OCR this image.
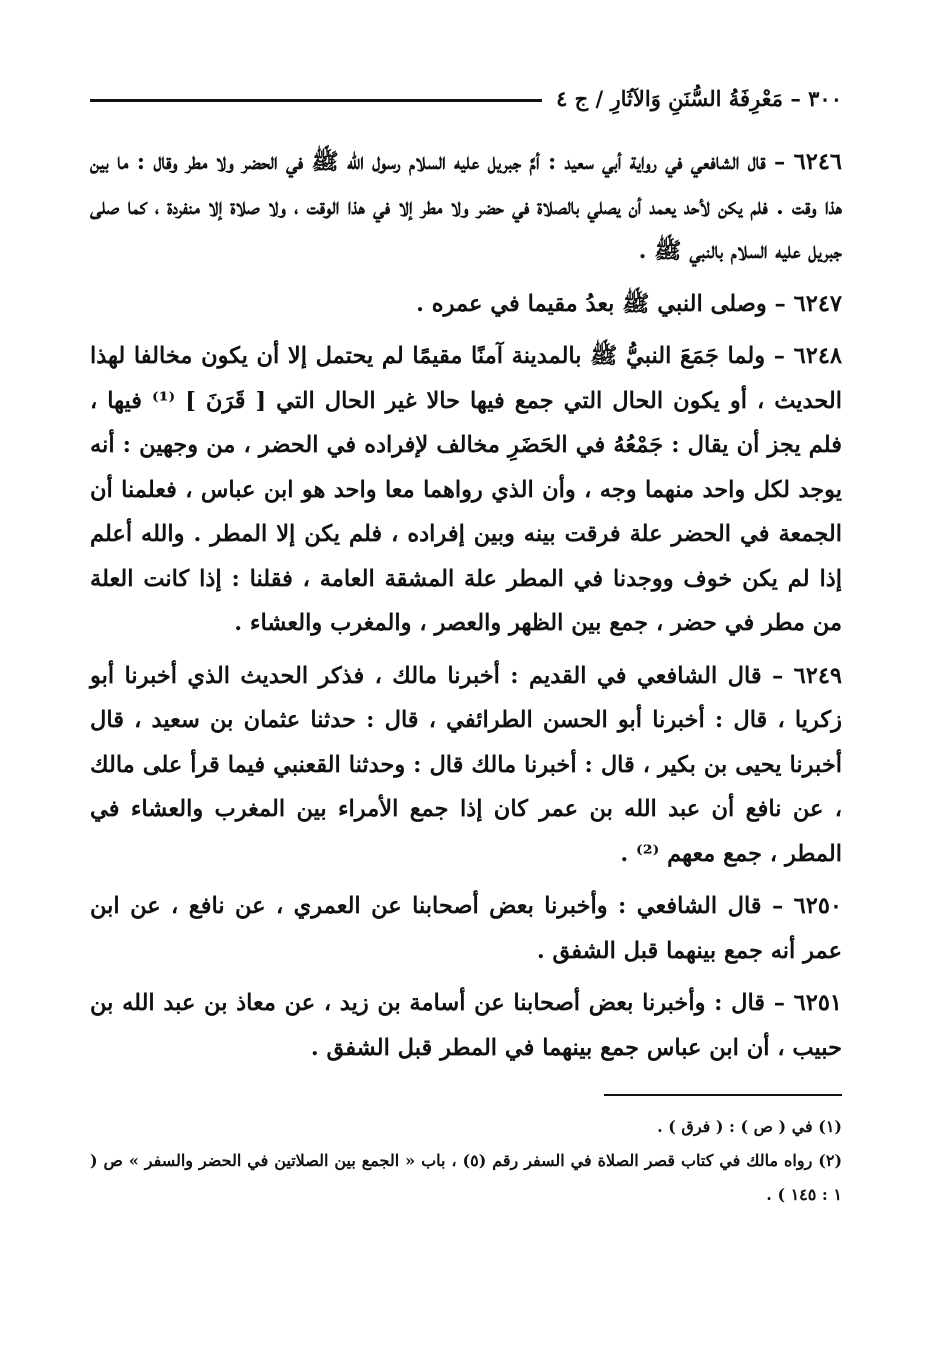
٣٠٠ – مَعْرِفَةُ السُّنَنِ وَالآثَارِ / ج ٤

٦٢٤٦ – قال الشافعي في رواية أبي سعيد : أمَّ جبريل عليه السلام رسول الله ﷺ في الحضر ولا مطر وقال : ما بين هذا وقت . فلم يكن لأحد يعمد أن يصلي بالصلاة في حضر ولا مطر إلا في هذا الوقت ، ولا صلاة إلا منفردة ، كما صلى جبريل عليه السلام بالنبي ﷺ .

٦٢٤٧ – وصلى النبي ﷺ بعدُ مقيما في عمره .

٦٢٤٨ – ولما جَمَعَ النبيُّ ﷺ بالمدينة آمنًا مقيمًا لم يحتمل إلا أن يكون مخالفا لهذا الحديث ، أو يكون الحال التي جمع فيها حالا غير الحال التي [ قَرَنَ ] ⁽¹⁾ فيها ، فلم يجز أن يقال : جَمْعُهُ في الحَضَرِ مخالف لإفراده في الحضر ، من وجهين : أنه يوجد لكل واحد منهما وجه ، وأن الذي رواهما معا واحد هو ابن عباس ، فعلمنا أن الجمعة في الحضر علة فرقت بينه وبين إفراده ، فلم يكن إلا المطر . والله أعلم إذا لم يكن خوف ووجدنا في المطر علة المشقة العامة ، فقلنا : إذا كانت العلة من مطر في حضر ، جمع بين الظهر والعصر ، والمغرب والعشاء .

٦٢٤٩ – قال الشافعي في القديم : أخبرنا مالك ، فذكر الحديث الذي أخبرنا أبو زكريا ، قال : أخبرنا أبو الحسن الطرائفي ، قال : حدثنا عثمان بن سعيد ، قال أخبرنا يحيى بن بكير ، قال : أخبرنا مالك قال : وحدثنا القعنبي فيما قرأ على مالك ، عن نافع أن عبد الله بن عمر كان إذا جمع الأمراء بين المغرب والعشاء في المطر ، جمع معهم ⁽²⁾ .

٦٢٥٠ – قال الشافعي : وأخبرنا بعض أصحابنا عن العمري ، عن نافع ، عن ابن عمر أنه جمع بينهما قبل الشفق .

٦٢٥١ – قال : وأخبرنا بعض أصحابنا عن أسامة بن زيد ، عن معاذ بن عبد الله بن حبيب ، أن ابن عباس جمع بينهما في المطر قبل الشفق .

(١) في ( ص ) : ( فرق ) .

(٢) رواه مالك في كتاب قصر الصلاة في السفر رقم (٥) ، باب « الجمع بين الصلاتين في الحضر والسفر » ص ( ١ : ١٤٥ ) .
